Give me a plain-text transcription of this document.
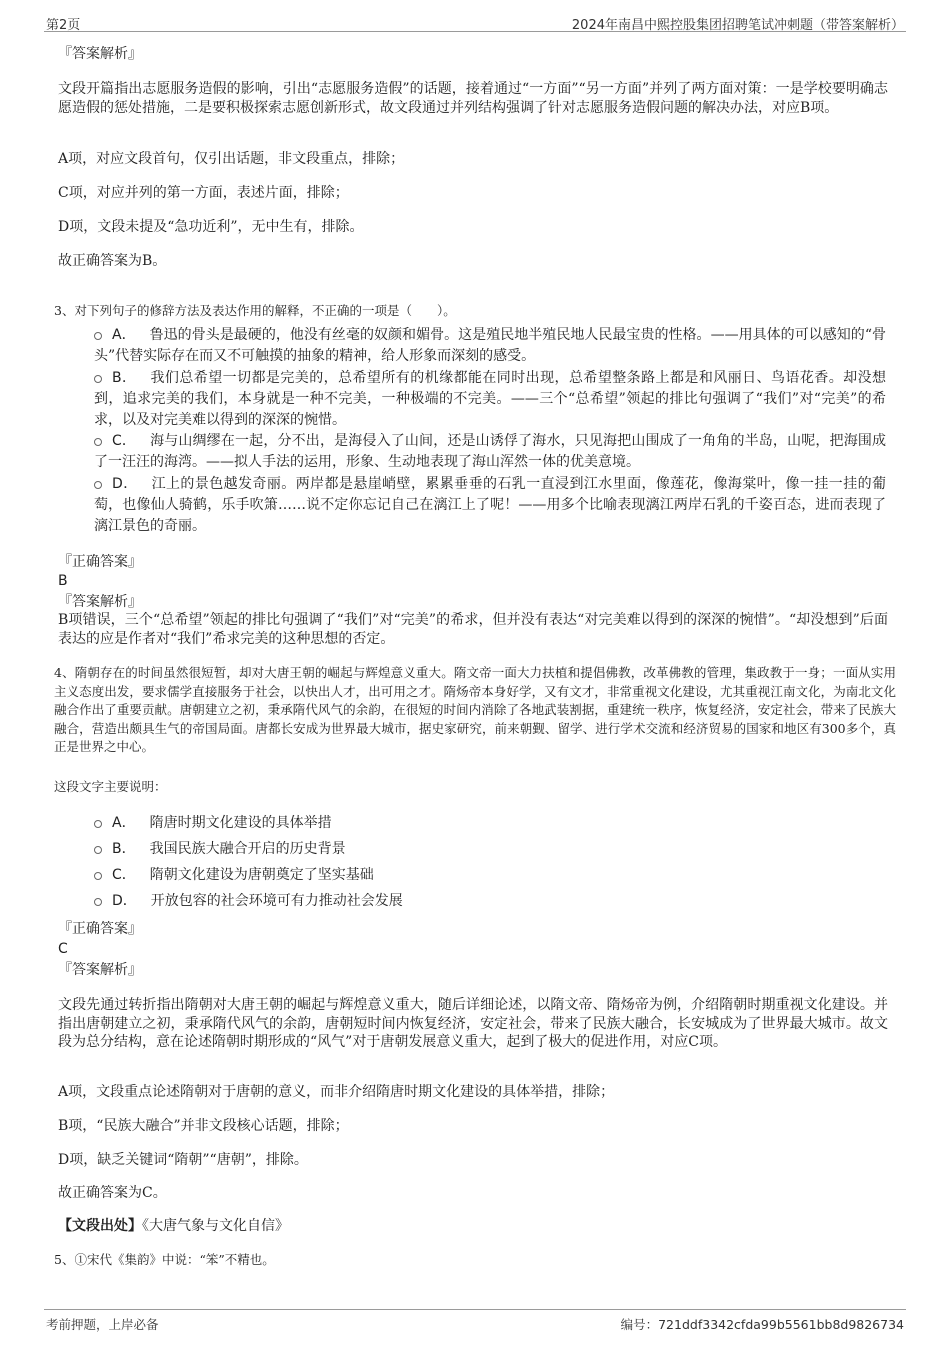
第2页	2024年南昌中熙控股集团招聘笔试冲刺题（带答案解析）
『答案解析』
文段开篇指出志愿服务造假的影响，引出“志愿服务造假”的话题，接着通过“一方面”“另一方面”并列了两方面对策：一是学校要明确志愿造假的惩处措施，二是要积极探索志愿创新形式，故文段通过并列结构强调了针对志愿服务造假问题的解决办法，对应B项。
A项，对应文段首句，仅引出话题，非文段重点，排除；
C项，对应并列的第一方面，表述片面，排除；
D项，文段未提及“急功近利”，无中生有，排除。
故正确答案为B。
3、对下列句子的修辞方法及表达作用的解释，不正确的一项是（　　）。
A． 鲁迅的骨头是最硬的，他没有丝毫的奴颜和媚骨。这是殖民地半殖民地人民最宝贵的性格。——用具体的可以感知的“骨头”代替实际存在而又不可触摸的抽象的精神，给人形象而深刻的感受。
B． 我们总希望一切都是完美的，总希望所有的机缘都能在同时出现，总希望整条路上都是和风丽日、鸟语花香。却没想到，追求完美的我们，本身就是一种不完美，一种极端的不完美。——三个“总希望”领起的排比句强调了“我们”对“完美”的希求，以及对完美难以得到的深深的惋惜。
C． 海与山绸缪在一起，分不出，是海侵入了山间，还是山诱俘了海水，只见海把山围成了一角角的半岛，山呢，把海围成了一汪汪的海湾。——拟人手法的运用，形象、生动地表现了海山浑然一体的优美意境。
D． 江上的景色越发奇丽。两岸都是悬崖峭壁，累累垂垂的石乳一直浸到江水里面，像莲花，像海棠叶，像一挂一挂的葡萄，也像仙人骑鹤，乐手吹箫……说不定你忘记自己在漓江上了呢！——用多个比喻表现漓江两岸石乳的千姿百态，进而表现了漓江景色的奇丽。
『正确答案』
B
『答案解析』
B项错误，三个“总希望”领起的排比句强调了“我们”对“完美”的希求，但并没有表达“对完美难以得到的深深的惋惜”。“却没想到”后面表达的应是作者对“我们”希求完美的这种思想的否定。
4、隋朝存在的时间虽然很短暂，却对大唐王朝的崛起与辉煌意义重大。隋文帝一面大力扶植和提倡佛教，改革佛教的管理，集政教于一身；一面从实用主义态度出发，要求儒学直接服务于社会，以快出人才，出可用之才。隋炀帝本身好学，又有文才，非常重视文化建设，尤其重视江南文化，为南北文化融合作出了重要贡献。唐朝建立之初，秉承隋代风气的余韵，在很短的时间内消除了各地武装割据，重建统一秩序，恢复经济，安定社会，带来了民族大融合，营造出颇具生气的帝国局面。唐都长安成为世界最大城市，据史家研究，前来朝觐、留学、进行学术交流和经济贸易的国家和地区有300多个，真正是世界之中心。
这段文字主要说明：
A． 隋唐时期文化建设的具体举措
B． 我国民族大融合开启的历史背景
C． 隋朝文化建设为唐朝奠定了坚实基础
D． 开放包容的社会环境可有力推动社会发展
『正确答案』
C
『答案解析』
文段先通过转折指出隋朝对大唐王朝的崛起与辉煌意义重大，随后详细论述，以隋文帝、隋炀帝为例，介绍隋朝时期重视文化建设。并指出唐朝建立之初，秉承隋代风气的余韵，唐朝短时间内恢复经济，安定社会，带来了民族大融合，长安城成为了世界最大城市。故文段为总分结构，意在论述隋朝时期形成的“风气”对于唐朝发展意义重大，起到了极大的促进作用，对应C项。
A项，文段重点论述隋朝对于唐朝的意义，而非介绍隋唐时期文化建设的具体举措，排除；
B项，“民族大融合”并非文段核心话题，排除；
D项，缺乏关键词“隋朝”“唐朝”，排除。
故正确答案为C。
【文段出处】《大唐气象与文化自信》
5、①宋代《集韵》中说：“笨”不精也。
考前押题，上岸必备	编号：721ddf3342cfda99b5561bb8d9826734
